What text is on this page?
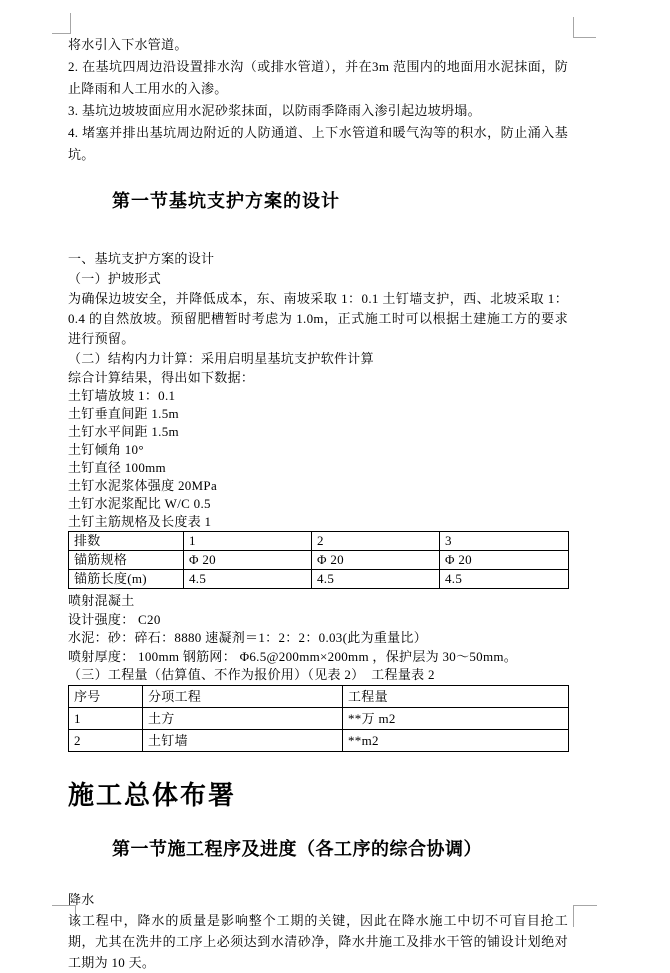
将水引入下水管道。

2. 在基坑四周边沿设置排水沟（或排水管道），并在3m 范围内的地面用水泥抹面，防止降雨和人工用水的入渗。

3. 基坑边坡坡面应用水泥砂浆抹面，以防雨季降雨入渗引起边坡坍塌。

4. 堵塞并排出基坑周边附近的人防通道、上下水管道和暖气沟等的积水，防止涌入基坑。

第一节基坑支护方案的设计

一、基坑支护方案的设计

（一）护坡形式

为确保边坡安全，并降低成本，东、南坡采取 1：0.1 土钉墙支护，西、北坡采取 1：0.4 的自然放坡。预留肥槽暂时考虑为 1.0m，正式施工时可以根据土建施工方的要求进行预留。

（二）结构内力计算：采用启明星基坑支护软件计算

综合计算结果，得出如下数据：
土钉墙放坡 1：0.1
土钉垂直间距 1.5m
土钉水平间距 1.5m
土钉倾角 10°
土钉直径 100mm
土钉水泥浆体强度 20MPa
土钉水泥浆配比 W/C 0.5
土钉主筋规格及长度表 1
排数	1	2	3
锚筋规格	Φ 20	Φ 20	Φ 20
锚筋长度(m)	4.5	4.5	4.5
喷射混凝土
设计强度： C20
水泥：砂：碎石：8880 速凝剂＝1：2：2：0.03(此为重量比）
喷射厚度： 100mm 钢筋网： Φ6.5@200mm×200mm ，保护层为 30～50mm。
（三）工程量（估算值、不作为报价用）（见表 2）　工程量表 2
序号	分项工程	工程量
1	土方	**万 m2
2	土钉墙	**m2
施工总体布署
第一节施工程序及进度（各工序的综合协调）

降水

该工程中，降水的质量是影响整个工期的关键，因此在降水施工中切不可盲目抢工期，尤其在洗井的工序上必须达到水清砂净，降水井施工及排水干管的铺设计划绝对工期为 10 天。
